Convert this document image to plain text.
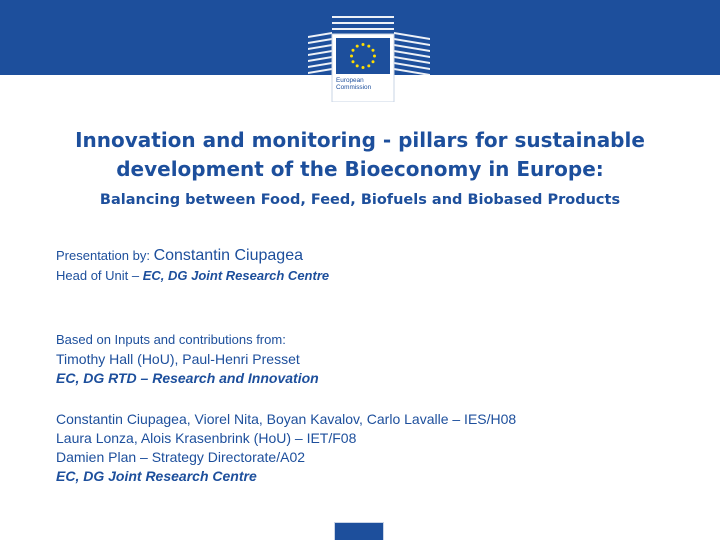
European Commission
Innovation and monitoring - pillars for sustainable
development of the Bioeconomy in Europe:
Balancing between Food, Feed, Biofuels and Biobased Products

Presentation by: Constantin Ciupagea

Head of Unit – EC, DG Joint Research Centre

Based on Inputs and contributions from:

Timothy Hall (HoU), Paul-Henri Presset

EC, DG RTD – Research and Innovation

Constantin Ciupagea, Viorel Nita, Boyan Kavalov, Carlo Lavalle – IES/H08

Laura Lonza, Alois Krasenbrink (HoU) – IET/F08

Damien Plan – Strategy Directorate/A02

EC, DG Joint Research Centre
